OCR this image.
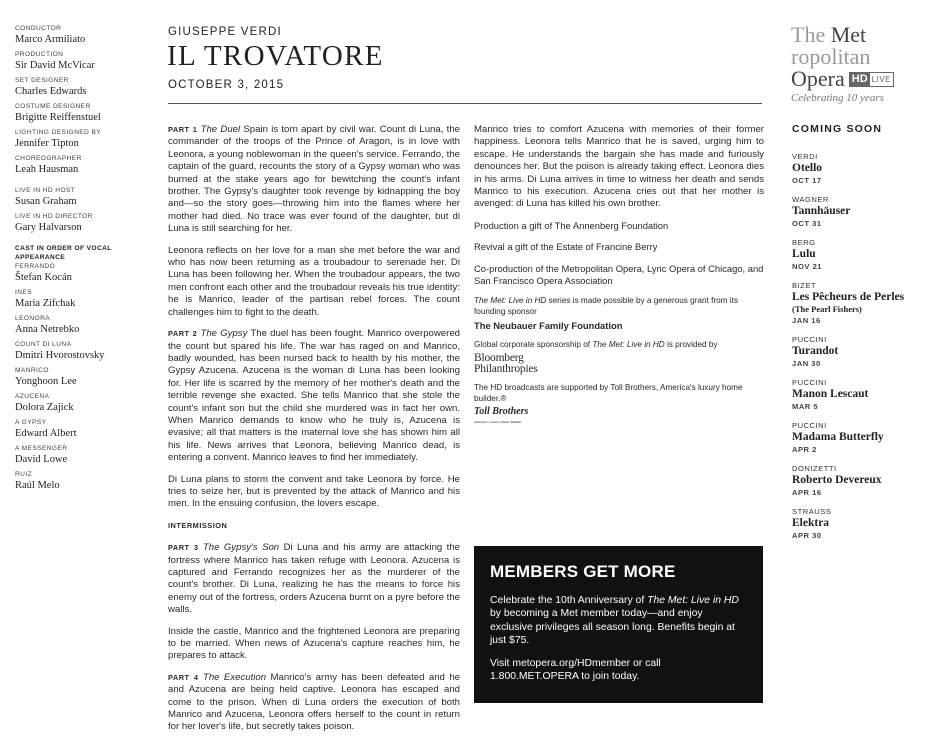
CONDUCTOR
Marco Armiliato
PRODUCTION
Sir David McVicar
SET DESIGNER
Charles Edwards
COSTUME DESIGNER
Brigitte Reiffenstuel
LIGHTING DESIGNED BY
Jennifer Tipton
CHOREOGRAPHER
Leah Hausman
LIVE IN HD HOST
Susan Graham
LIVE IN HD DIRECTOR
Gary Halvarson
CAST IN ORDER OF VOCAL APPEARANCE
FERRANDO
Štefan Kocán
INES
Maria Zifchak
LEONORA
Anna Netrebko
COUNT DI LUNA
Dmitri Hvorostovsky
MANRICO
Yonghoon Lee
AZUCENA
Dolora Zajick
A GYPSY
Edward Albert
A MESSENGER
David Lowe
RUIZ
Raúl Melo
GIUSEPPE VERDI
IL TROVATORE
OCTOBER 3, 2015

PART 1 The Duel Spain is torn apart by civil war. Count di Luna, the commander of the troops of the Prince of Aragon, is in love with Leonora, a young noblewoman in the queen's service. Ferrando, the captain of the guard, recounts the story of a Gypsy woman who was burned at the stake years ago for bewitching the count's infant brother. The Gypsy's daughter took revenge by kidnapping the boy and—so the story goes—throwing him into the flames where her mother had died. No trace was ever found of the daughter, but di Luna is still searching for her.

Leonora reflects on her love for a man she met before the war and who has now been returning as a troubadour to serenade her. Di Luna has been following her. When the troubadour appears, the two men confront each other and the troubadour reveals his true identity: he is Manrico, leader of the partisan rebel forces. The count challenges him to fight to the death.

PART 2 The Gypsy The duel has been fought. Manrico overpowered the count but spared his life. The war has raged on and Manrico, badly wounded, has been nursed back to health by his mother, the Gypsy Azucena. Azucena is the woman di Luna has been looking for. Her life is scarred by the memory of her mother's death and the terrible revenge she exacted. She tells Manrico that she stole the count's infant son but the child she murdered was in fact her own. When Manrico demands to know who he truly is, Azucena is evasive; all that matters is the maternal love she has shown him all his life. News arrives that Leonora, believing Manrico dead, is entering a convent. Manrico leaves to find her immediately.

Di Luna plans to storm the convent and take Leonora by force. He tries to seize her, but is prevented by the attack of Manrico and his men. In the ensuing confusion, the lovers escape.

INTERMISSION

PART 3 The Gypsy's Son Di Luna and his army are attacking the fortress where Manrico has taken refuge with Leonora. Azucena is captured and Ferrando recognizes her as the murderer of the count's brother. Di Luna, realizing he has the means to force his enemy out of the fortress, orders Azucena burnt on a pyre before the walls.

Inside the castle, Manrico and the frightened Leonora are preparing to be married. When news of Azucena's capture reaches him, he prepares to attack.

PART 4 The Execution Manrico's army has been defeated and he and Azucena are being held captive. Leonora has escaped and come to the prison. When di Luna orders the execution of both Manrico and Azucena, Leonora offers herself to the count in return for her lover's life, but secretly takes poison.

Manrico tries to comfort Azucena with memories of their former happiness. Leonora tells Manrico that he is saved, urging him to escape. He understands the bargain she has made and furiously denounces her. But the poison is already taking effect. Leonora dies in his arms. Di Luna arrives in time to witness her death and sends Manrico to his execution. Azucena cries out that her mother is avenged: di Luna has killed his own brother.

Production a gift of The Annenberg Foundation

Revival a gift of the Estate of Francine Berry

Co-production of the Metropolitan Opera, Lyric Opera of Chicago, and San Francisco Opera Association

The Met: Live in HD series is made possible by a generous grant from its founding sponsor
The Neubauer Family Foundation
Global corporate sponsorship of The Met: Live in HD is provided by
Bloomberg
Philanthropies
The HD broadcasts are supported by Toll Brothers, America's luxury home builder.®
Toll Brothers
America's Luxury Home Builder
MEMBERS GET MORE

Celebrate the 10th Anniversary of The Met: Live in HD by becoming a Met member today—and enjoy exclusive privileges all season long. Benefits begin at just $75.

Visit metopera.org/HDmember or call 1.800.MET.OPERA to join today.

The Met
ropolitan
Opera HD LIVE
Celebrating 10 years
COMING SOON
VERDI
Otello
OCT 17
WAGNER
Tannhäuser
OCT 31
BERG
Lulu
NOV 21
BIZET
Les Pêcheurs de Perles
(The Pearl Fishers)
JAN 16
PUCCINI
Turandot
JAN 30
PUCCINI
Manon Lescaut
MAR 5
PUCCINI
Madama Butterfly
APR 2
DONIZETTI
Roberto Devereux
APR 16
STRAUSS
Elektra
APR 30
